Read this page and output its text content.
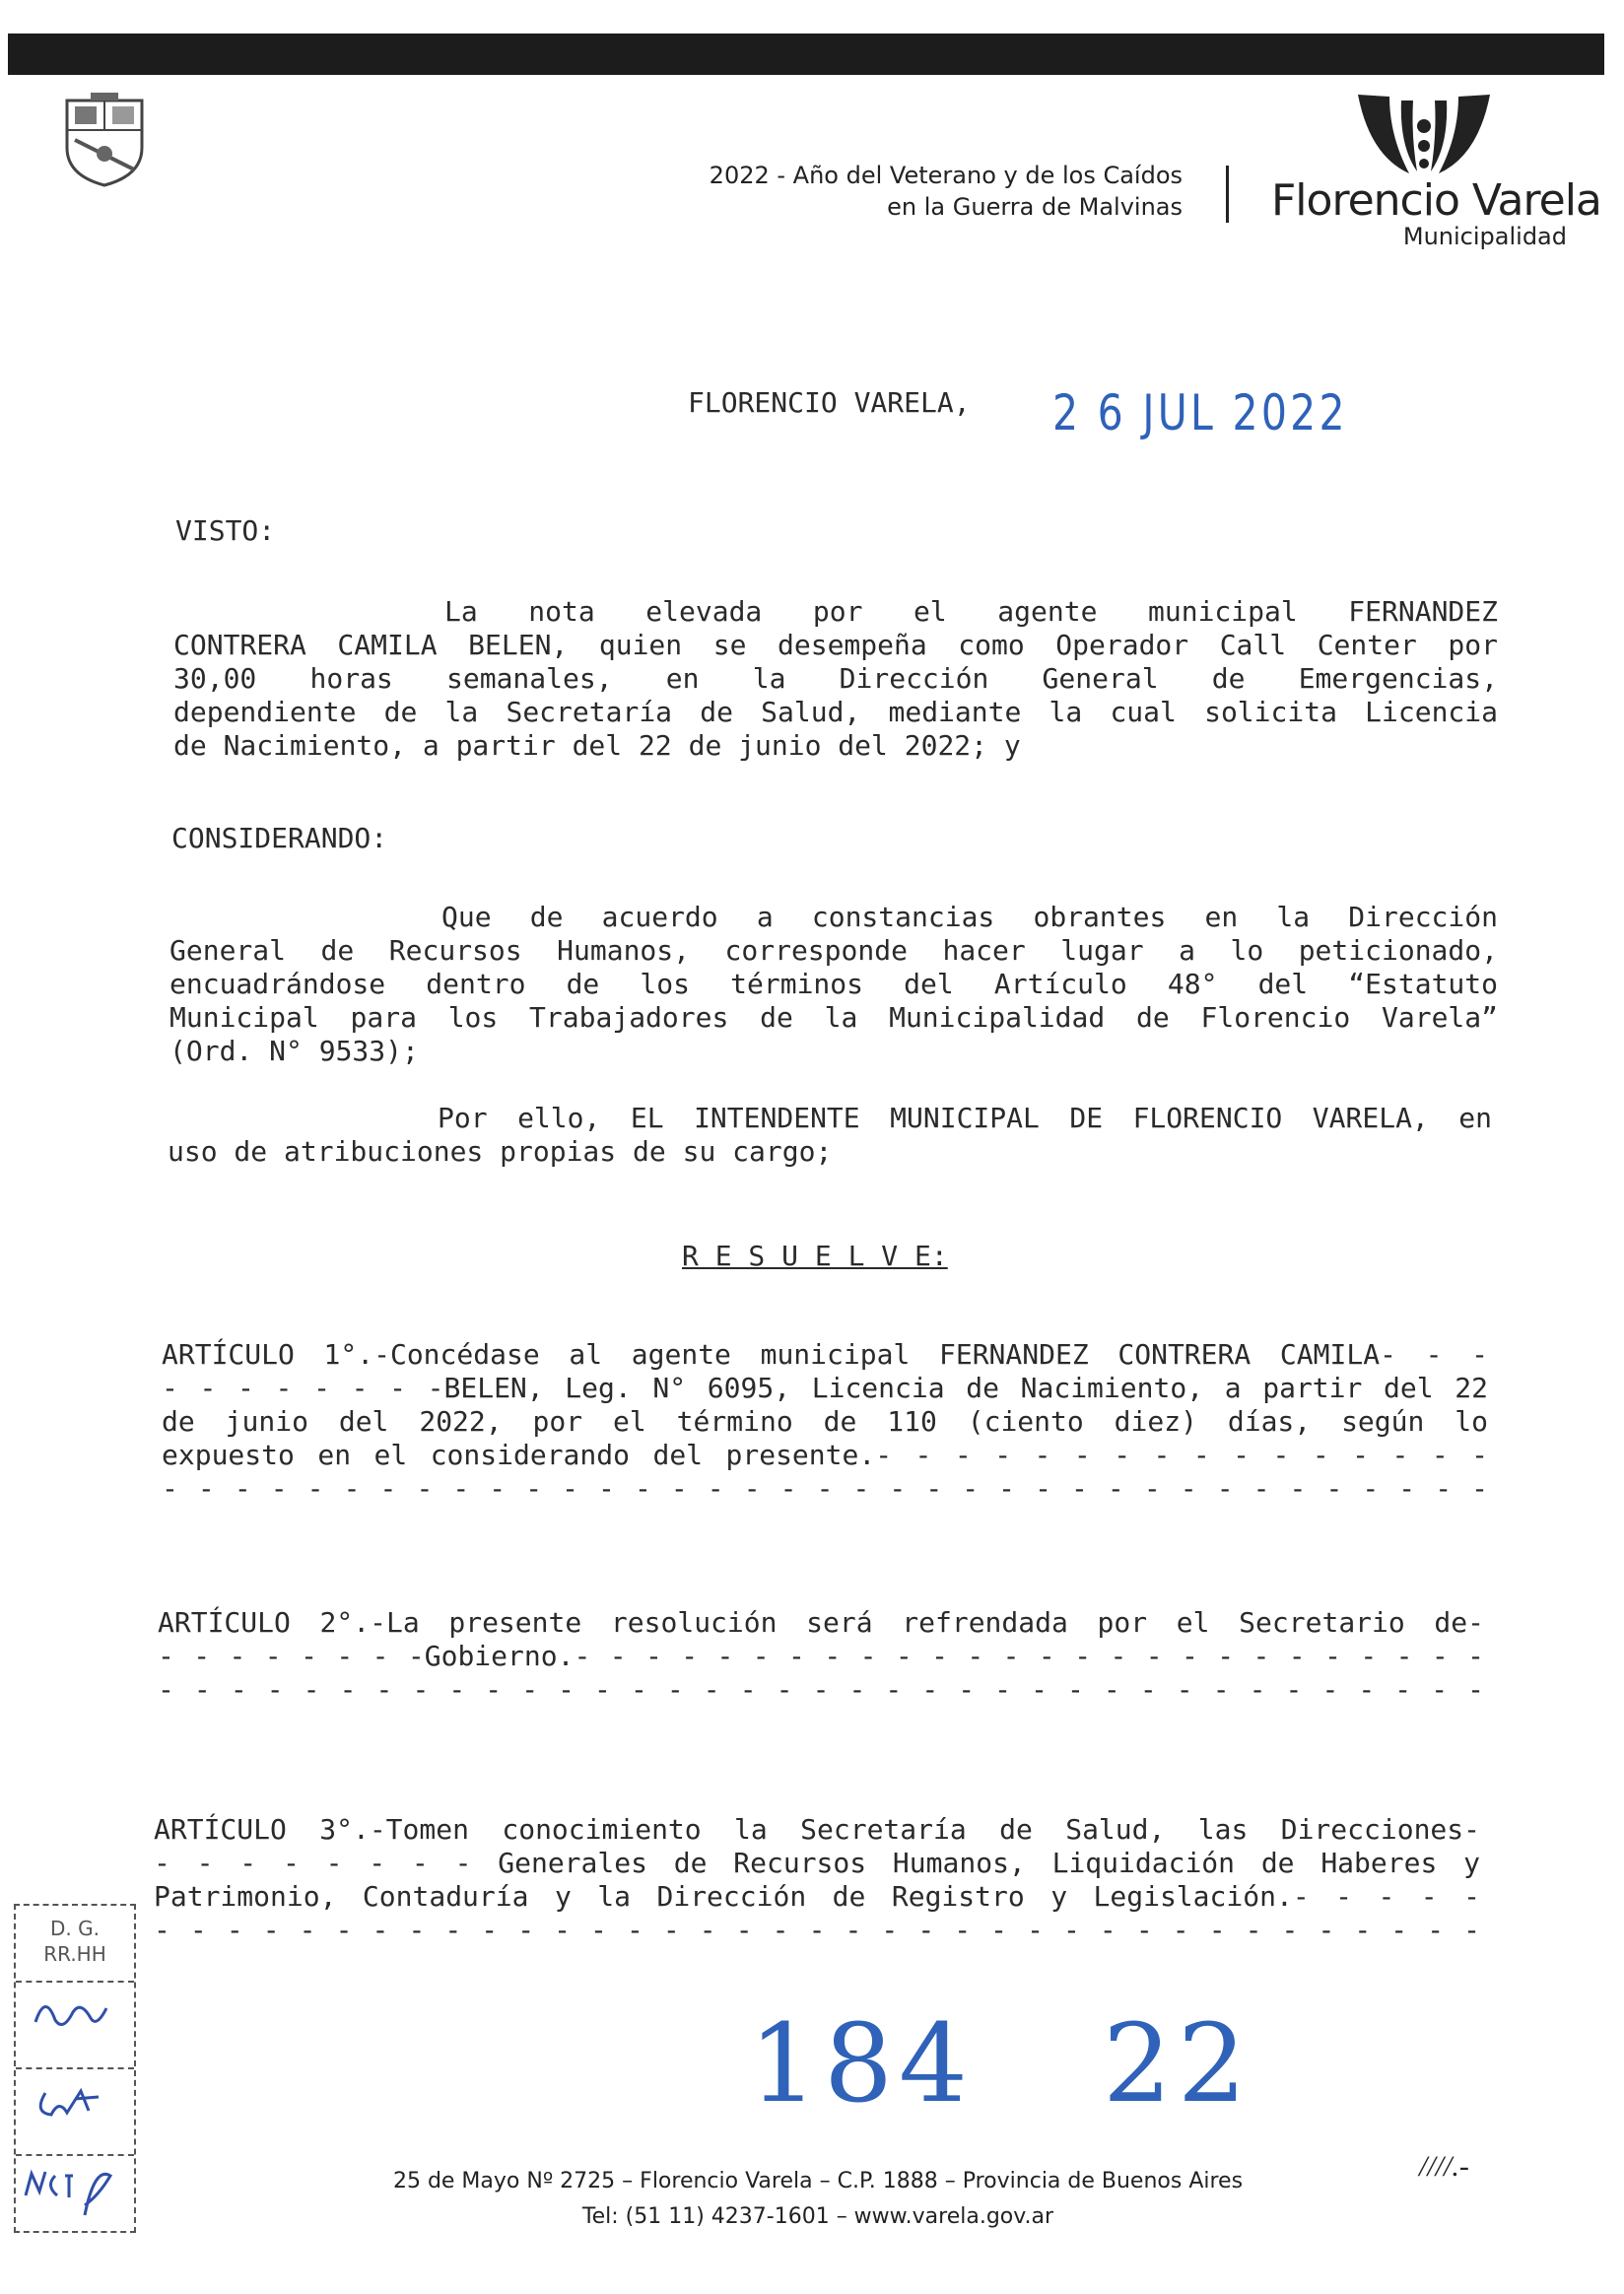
2022 - Año del Veterano y de los Caídos
en la Guerra de Malvinas Florencio Varela
Municipalidad
FLORENCIO VARELA, 2 6 JUL 2022
VISTO:
La nota elevada por el agente municipal FERNANDEZ
CONTRERA CAMILA BELEN, quien se desempeña como Operador Call Center por
30,00 horas semanales, en la Dirección General de Emergencias,
dependiente de la Secretaría de Salud, mediante la cual solicita Licencia
de Nacimiento, a partir del 22 de junio del 2022; y
CONSIDERANDO:
Que de acuerdo a constancias obrantes en la Dirección
General de Recursos Humanos, corresponde hacer lugar a lo peticionado,
encuadrándose dentro de los términos del Artículo 48° del “Estatuto
Municipal para los Trabajadores de la Municipalidad de Florencio Varela”
(Ord. N° 9533);
Por ello, EL INTENDENTE MUNICIPAL DE FLORENCIO VARELA, en
uso de atribuciones propias de su cargo;
R E S U E L V E:
ARTÍCULO 1°.-Concédase al agente municipal FERNANDEZ CONTRERA CAMILA- - -
- - - - - - - -BELEN, Leg. N° 6095, Licencia de Nacimiento, a partir del 22
de junio del 2022, por el término de 110 (ciento diez) días, según lo
expuesto en el considerando del presente.- - - - - - - - - - - - - - - -
- - - - - - - - - - - - - - - - - - - - - - - - - - - - - - - - - - - - -
ARTÍCULO 2°.-La presente resolución será refrendada por el Secretario de-
- - - - - - - -Gobierno.- - - - - - - - - - - - - - - - - - - - - - - - - -
- - - - - - - - - - - - - - - - - - - - - - - - - - - - - - - - - - - - -
ARTÍCULO 3°.-Tomen conocimiento la Secretaría de Salud, las Direcciones-
- - - - - - - - Generales de Recursos Humanos, Liquidación de Haberes y
Patrimonio, Contaduría y la Dirección de Registro y Legislación.- - - - -
- - - - - - - - - - - - - - - - - - - - - - - - - - - - - - - - - - - - -
184 22
D. G.
RR.HH
25 de Mayo Nº 2725 – Florencio Varela – C.P. 1888 – Provincia de Buenos Aires
Tel: (51 11) 4237-1601 – www.varela.gov.ar
////.-
